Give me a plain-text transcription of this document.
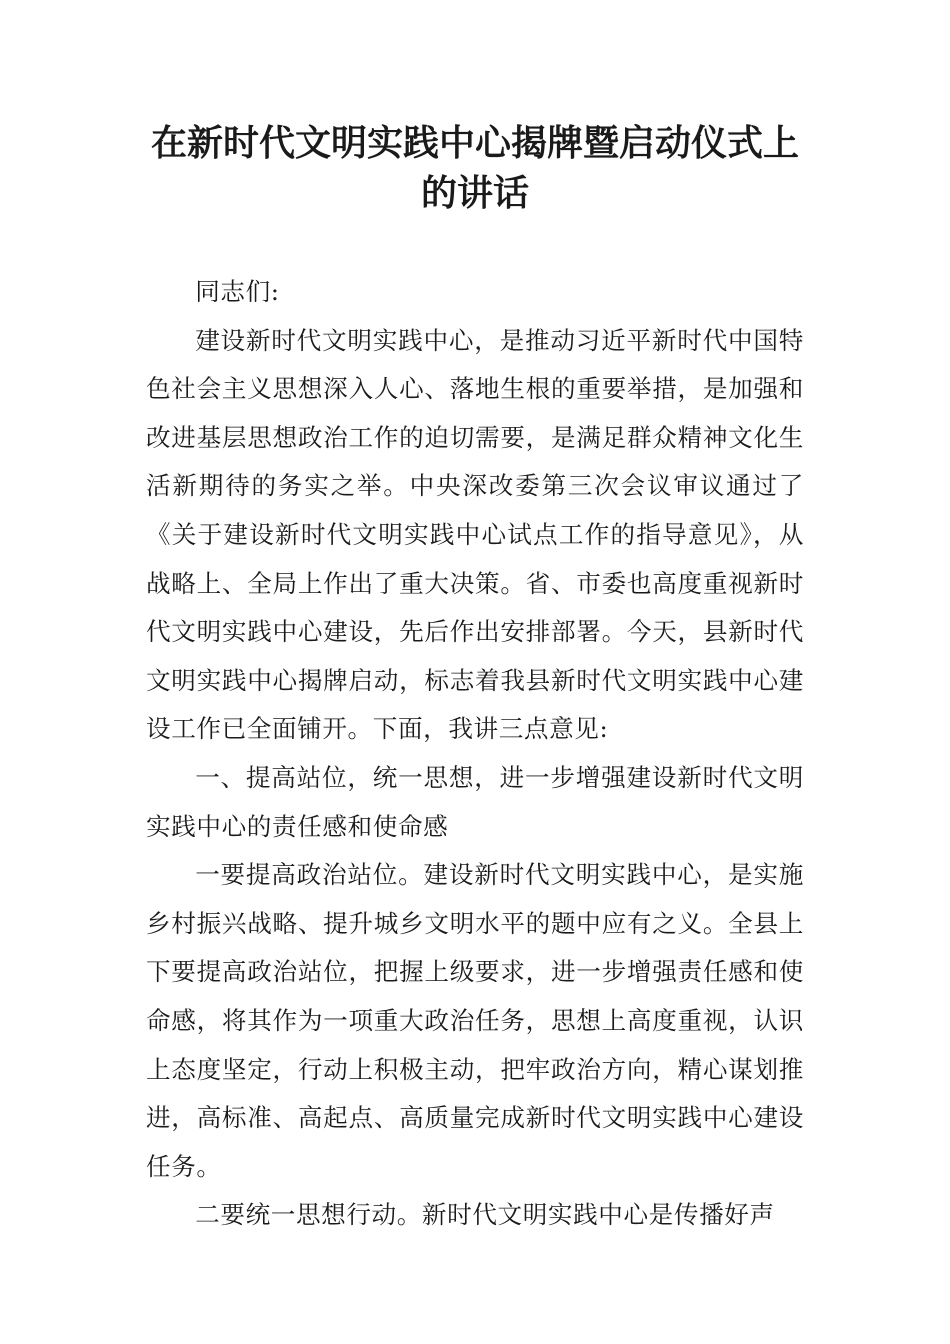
在新时代文明实践中心揭牌暨启动仪式上的讲话

同志们:

建设新时代文明实践中心，是推动习近平新时代中国特色社会主义思想深入人心、落地生根的重要举措，是加强和改进基层思想政治工作的迫切需要，是满足群众精神文化生活新期待的务实之举。中央深改委第三次会议审议通过了《关于建设新时代文明实践中心试点工作的指导意见》，从战略上、全局上作出了重大决策。省、市委也高度重视新时代文明实践中心建设，先后作出安排部署。今天，县新时代文明实践中心揭牌启动，标志着我县新时代文明实践中心建设工作已全面铺开。下面，我讲三点意见:

一、提高站位，统一思想，进一步增强建设新时代文明实践中心的责任感和使命感

一要提高政治站位。建设新时代文明实践中心，是实施乡村振兴战略、提升城乡文明水平的题中应有之义。全县上下要提高政治站位，把握上级要求，进一步增强责任感和使命感，将其作为一项重大政治任务，思想上高度重视，认识上态度坚定，行动上积极主动，把牢政治方向，精心谋划推进，高标准、高起点、高质量完成新时代文明实践中心建设任务。

二要统一思想行动。新时代文明实践中心是传播好声
